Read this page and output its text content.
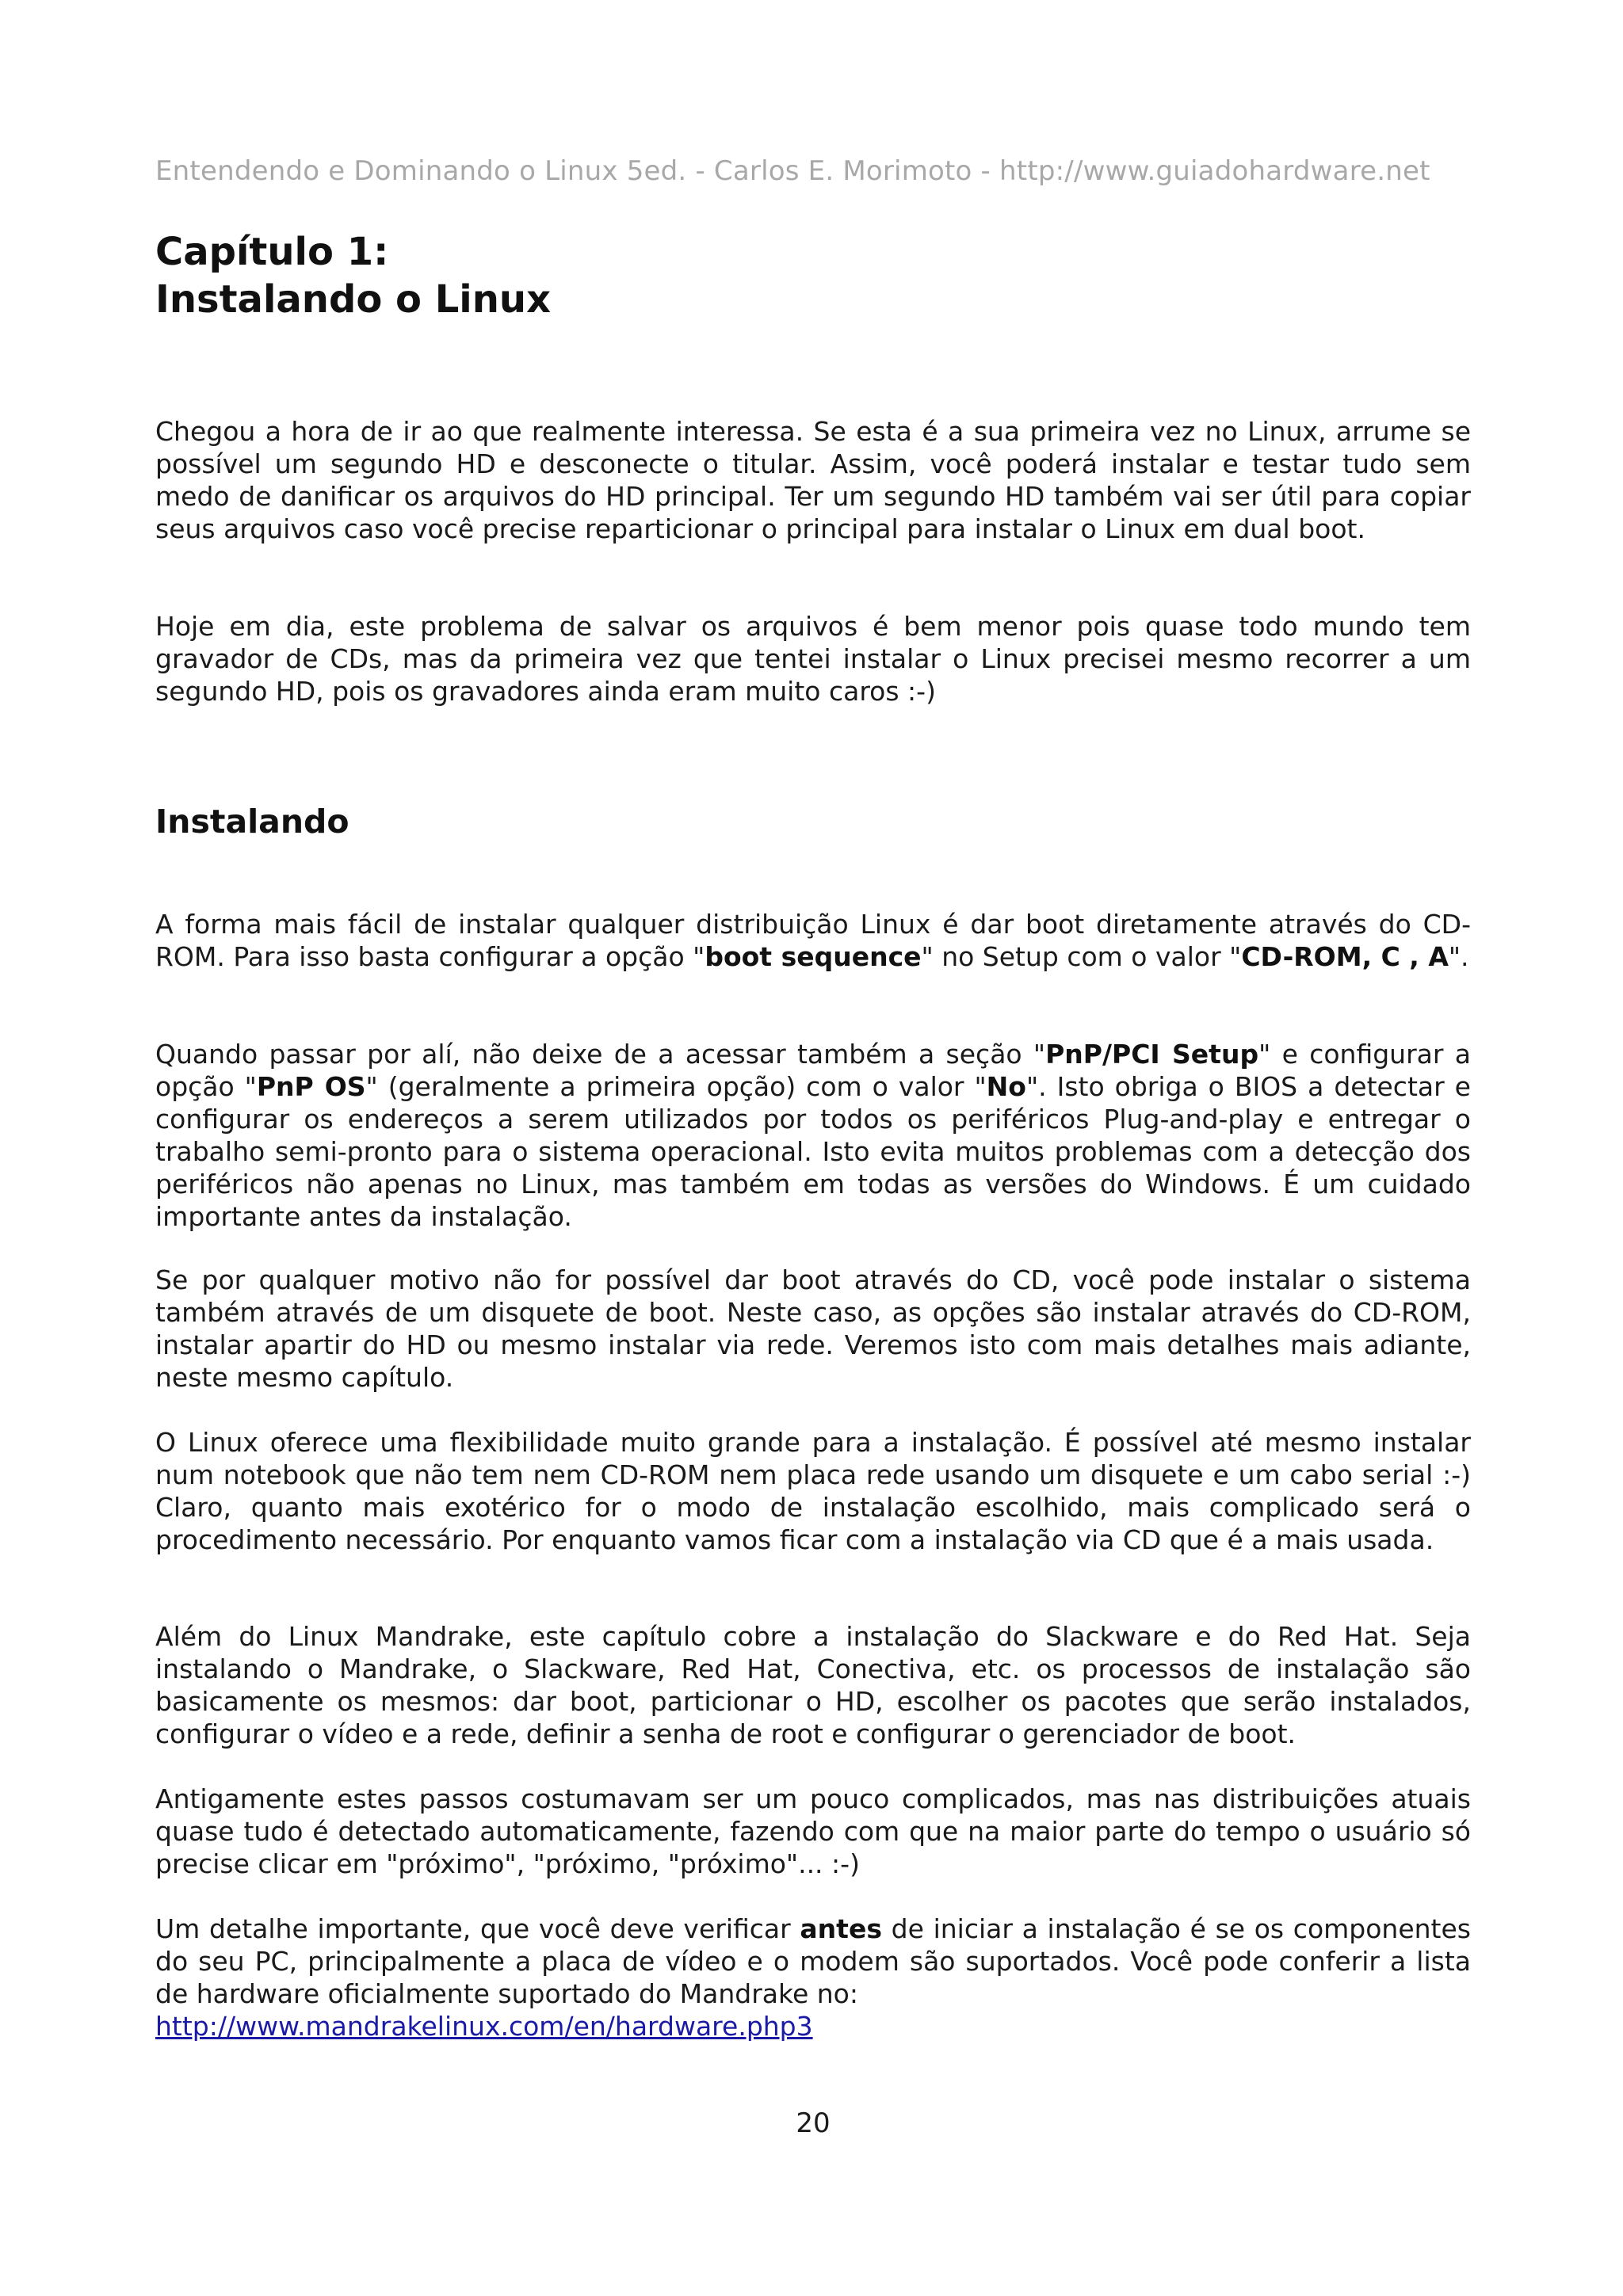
Entendendo e Dominando o Linux 5ed. - Carlos E. Morimoto - http://www.guiadohardware.net
Capítulo 1:
Instalando o Linux

Chegou a hora de ir ao que realmente interessa. Se esta é a sua primeira vez no Linux, arrume se possível um segundo HD e desconecte o titular. Assim, você poderá instalar e testar tudo sem medo de danificar os arquivos do HD principal. Ter um segundo HD também vai ser útil para copiar seus arquivos caso você precise reparticionar o principal para instalar o Linux em dual boot.

Hoje em dia, este problema de salvar os arquivos é bem menor pois quase todo mundo tem gravador de CDs, mas da primeira vez que tentei instalar o Linux precisei mesmo recorrer a um segundo HD, pois os gravadores ainda eram muito caros :-)

Instalando

A forma mais fácil de instalar qualquer distribuição Linux é dar boot diretamente através do CD-ROM. Para isso basta configurar a opção "boot sequence" no Setup com o valor "CD-ROM, C , A".

Quando passar por alí, não deixe de a acessar também a seção "PnP/PCI Setup" e configurar a opção "PnP OS" (geralmente a primeira opção) com o valor "No". Isto obriga o BIOS a detectar e configurar os endereços a serem utilizados por todos os periféricos Plug-and-play e entregar o trabalho semi-pronto para o sistema operacional. Isto evita muitos problemas com a detecção dos periféricos não apenas no Linux, mas também em todas as versões do Windows. É um cuidado importante antes da instalação.

Se por qualquer motivo não for possível dar boot através do CD, você pode instalar o sistema também através de um disquete de boot. Neste caso, as opções são instalar através do CD-ROM, instalar apartir do HD ou mesmo instalar via rede. Veremos isto com mais detalhes mais adiante, neste mesmo capítulo.

O Linux oferece uma flexibilidade muito grande para a instalação. É possível até mesmo instalar num notebook que não tem nem CD-ROM nem placa rede usando um disquete e um cabo serial :-) Claro, quanto mais exotérico for o modo de instalação escolhido, mais complicado será o procedimento necessário. Por enquanto vamos ficar com a instalação via CD que é a mais usada.

Além do Linux Mandrake, este capítulo cobre a instalação do Slackware e do Red Hat. Seja instalando o Mandrake, o Slackware, Red Hat, Conectiva, etc. os processos de instalação são basicamente os mesmos: dar boot, particionar o HD, escolher os pacotes que serão instalados, configurar o vídeo e a rede, definir a senha de root e configurar o gerenciador de boot.

Antigamente estes passos costumavam ser um pouco complicados, mas nas distribuições atuais quase tudo é detectado automaticamente, fazendo com que na maior parte do tempo o usuário só precise clicar em "próximo", "próximo, "próximo"... :-)

Um detalhe importante, que você deve verificar antes de iniciar a instalação é se os componentes do seu PC, principalmente a placa de vídeo e o modem são suportados. Você pode conferir a lista de hardware oficialmente suportado do Mandrake no:
http://www.mandrakelinux.com/en/hardware.php3

20
